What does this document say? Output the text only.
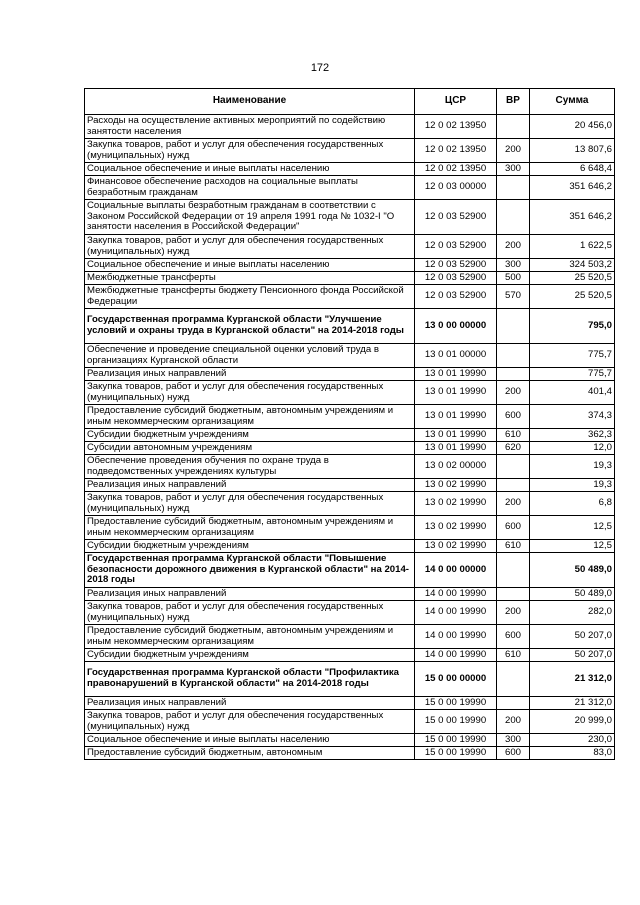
172
Наименование	ЦСР	ВР	Сумма
Расходы на осуществление активных мероприятий по содействию занятости населения	12 0 02 13950		20 456,0
Закупка товаров, работ и услуг для обеспечения государственных (муниципальных) нужд	12 0 02 13950	200	13 807,6
Социальное обеспечение и иные выплаты населению	12 0 02 13950	300	6 648,4
Финансовое обеспечение расходов на социальные выплаты безработным гражданам	12 0 03 00000		351 646,2
Социальные выплаты безработным гражданам в соответствии с Законом Российской Федерации от 19 апреля 1991 года № 1032-I "О занятости населения в Российской Федерации"	12 0 03 52900		351 646,2
Закупка товаров, работ и услуг для обеспечения государственных (муниципальных) нужд	12 0 03 52900	200	1 622,5
Социальное обеспечение и иные выплаты населению	12 0 03 52900	300	324 503,2
Межбюджетные трансферты	12 0 03 52900	500	25 520,5
Межбюджетные трансферты бюджету Пенсионного фонда Российской Федерации	12 0 03 52900	570	25 520,5
Государственная программа Курганской области "Улучшение условий и охраны труда в Курганской области" на 2014-2018 годы	13 0 00 00000		795,0
Обеспечение и проведение специальной оценки условий труда в организациях Курганской области	13 0 01 00000		775,7
Реализация иных направлений	13 0 01 19990		775,7
Закупка товаров, работ и услуг для обеспечения государственных (муниципальных) нужд	13 0 01 19990	200	401,4
Предоставление субсидий бюджетным, автономным учреждениям и иным некоммерческим организациям	13 0 01 19990	600	374,3
Субсидии бюджетным учреждениям	13 0 01 19990	610	362,3
Субсидии автономным учреждениям	13 0 01 19990	620	12,0
Обеспечение проведения обучения по охране труда в подведомственных учреждениях культуры	13 0 02 00000		19,3
Реализация иных направлений	13 0 02 19990		19,3
Закупка товаров, работ и услуг для обеспечения государственных (муниципальных) нужд	13 0 02 19990	200	6,8
Предоставление субсидий бюджетным, автономным учреждениям и иным некоммерческим организациям	13 0 02 19990	600	12,5
Субсидии бюджетным учреждениям	13 0 02 19990	610	12,5
Государственная программа Курганской области "Повышение безопасности дорожного движения в Курганской области" на 2014-2018 годы	14 0 00 00000		50 489,0
Реализация иных направлений	14 0 00 19990		50 489,0
Закупка товаров, работ и услуг для обеспечения государственных (муниципальных) нужд	14 0 00 19990	200	282,0
Предоставление субсидий бюджетным, автономным учреждениям и иным некоммерческим организациям	14 0 00 19990	600	50 207,0
Субсидии бюджетным учреждениям	14 0 00 19990	610	50 207,0
Государственная программа Курганской области "Профилактика правонарушений в Курганской области" на 2014-2018 годы	15 0 00 00000		21 312,0
Реализация иных направлений	15 0 00 19990		21 312,0
Закупка товаров, работ и услуг для обеспечения государственных (муниципальных) нужд	15 0 00 19990	200	20 999,0
Социальное обеспечение и иные выплаты населению	15 0 00 19990	300	230,0
Предоставление субсидий бюджетным, автономным	15 0 00 19990	600	83,0
